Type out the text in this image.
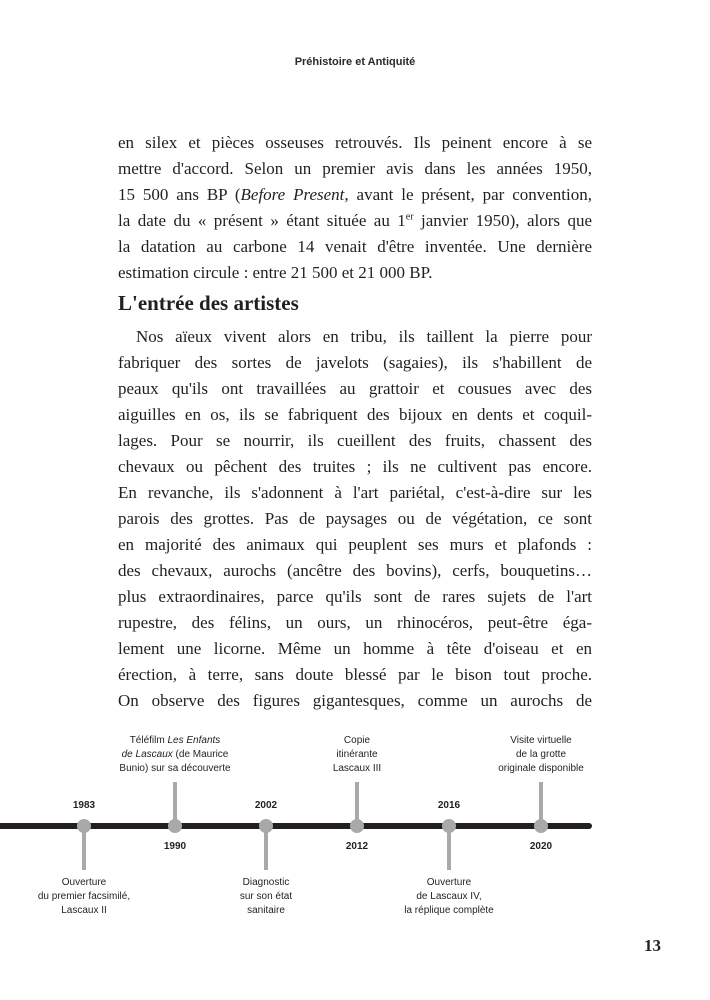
Préhistoire et Antiquité
en silex et pièces osseuses retrouvés. Ils peinent encore à se
mettre d'accord. Selon un premier avis dans les années 1950,
15 500 ans BP (Before Present, avant le présent, par convention,
la date du « présent » étant située au 1er janvier 1950), alors que
la datation au carbone 14 venait d'être inventée. Une dernière
estimation circule : entre 21 500 et 21 000 BP.
L'entrée des artistes
Nos aïeux vivent alors en tribu, ils taillent la pierre pour
fabriquer des sortes de javelots (sagaies), ils s'habillent de
peaux qu'ils ont travaillées au grattoir et cousues avec des
aiguilles en os, ils se fabriquent des bijoux en dents et coquil-
lages. Pour se nourrir, ils cueillent des fruits, chassent des
chevaux ou pêchent des truites ; ils ne cultivent pas encore.
En revanche, ils s'adonnent à l'art pariétal, c'est-à-dire sur les
parois des grottes. Pas de paysages ou de végétation, ce sont
en majorité des animaux qui peuplent ses murs et plafonds :
des chevaux, aurochs (ancêtre des bovins), cerfs, bouquetins…
plus extraordinaires, parce qu'ils sont de rares sujets de l'art
rupestre, des félins, un ours, un rhinocéros, peut-être éga-
lement une licorne. Même un homme à tête d'oiseau et en
érection, à terre, sans doute blessé par le bison tout proche.
On observe des figures gigantesques, comme un aurochs de
1983
Ouverture
du premier facsimilé,
Lascaux II
Téléfilm Les Enfants
de Lascaux (de Maurice
Bunio) sur sa découverte
1990
2002
Diagnostic
sur son état
sanitaire
Copie
itinérante
Lascaux III
2012
2016
Ouverture
de Lascaux IV,
la réplique complète
Visite virtuelle
de la grotte
originale disponible
2020
13
